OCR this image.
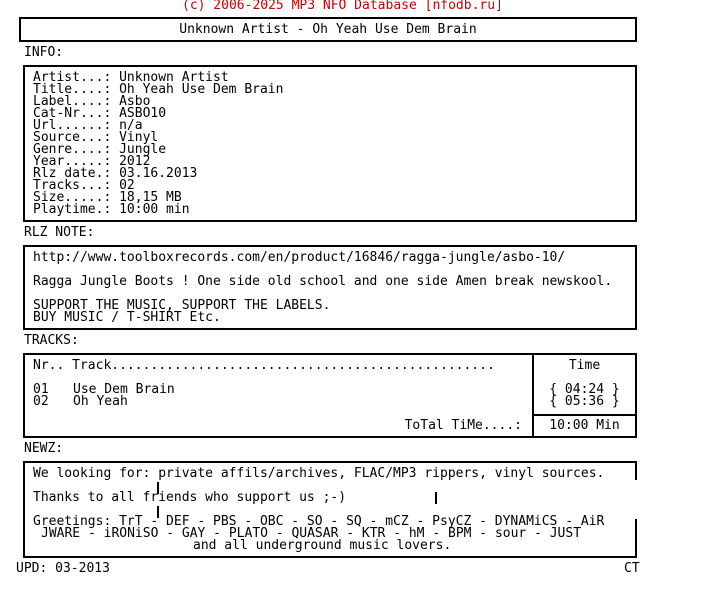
(c) 2006-2025 MP3 NFO Database [nfodb.ru]
Unknown Artist - Oh Yeah Use Dem Brain
INFO:
Artist...: Unknown Artist
Title....: Oh Yeah Use Dem Brain
Label....: Asbo
Cat-Nr...: ASBO10
Url......: n/a
Source...: Vinyl
Genre....: Jungle
Year.....: 2012
Rlz date.: 03.16.2013
Tracks...: 02
Size.....: 18,15 MB
Playtime.: 10:00 min
RLZ NOTE:
http://www.toolboxrecords.com/en/product/16846/ragga-jungle/asbo-10/
Ragga Jungle Boots ! One side old school and one side Amen break newskool.
SUPPORT THE MUSIC, SUPPORT THE LABELS.
BUY MUSIC / T-SHIRT Etc.
TRACKS:
Nr.. Track.................................................	Time
01 Use Dem Brain	{ 04:24 }
02 Oh Yeah	{ 05:36 }
ToTal TiMe....:	10:00 Min
NEWZ:
We looking for: private affils/archives, FLAC/MP3 rippers, vinyl sources.
Thanks to all friends who support us ;-)
Greetings: TrT - DEF - PBS - OBC - SO - SQ - mCZ - PsyCZ - DYNAMiCS - AiR
JWARE - iRONiSO - GAY - PLATO - QUASAR - KTR - hM - BPM - sour - JUST
and all underground music lovers.
UPD: 03-2013	CT
